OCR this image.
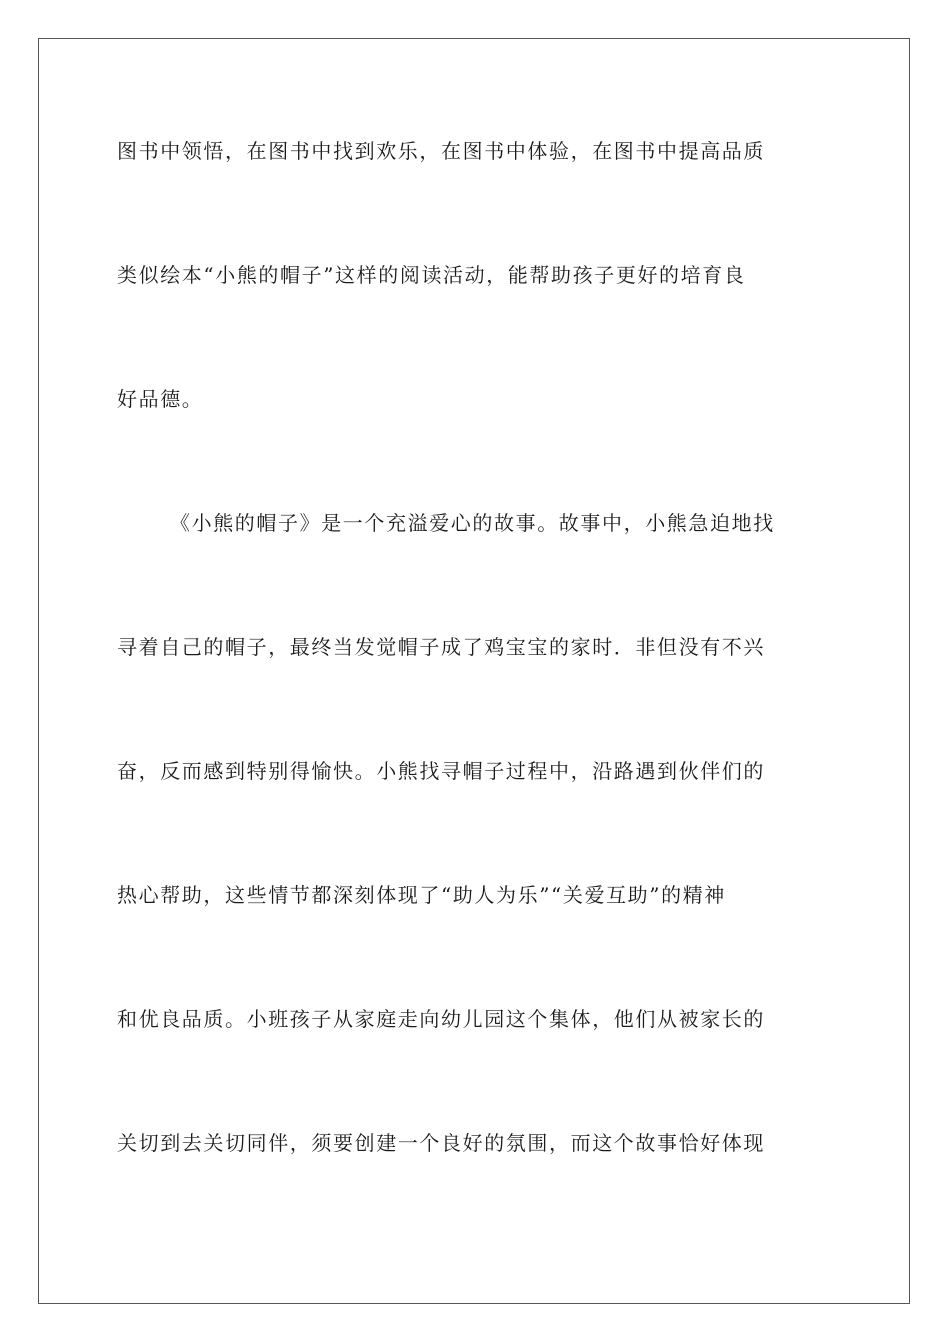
图书中领悟，在图书中找到欢乐，在图书中体验，在图书中提高品质
类似绘本“小熊的帽子”这样的阅读活动，能帮助孩子更好的培育良
好品德。
《小熊的帽子》是一个充溢爱心的故事。故事中，小熊急迫地找
寻着自己的帽子，最终当发觉帽子成了鸡宝宝的家时．非但没有不兴
奋，反而感到特别得愉快。小熊找寻帽子过程中，沿路遇到伙伴们的
热心帮助，这些情节都深刻体现了“助人为乐”“关爱互助”的精神
和优良品质。小班孩子从家庭走向幼儿园这个集体，他们从被家长的
关切到去关切同伴，须要创建一个良好的氛围，而这个故事恰好体现
